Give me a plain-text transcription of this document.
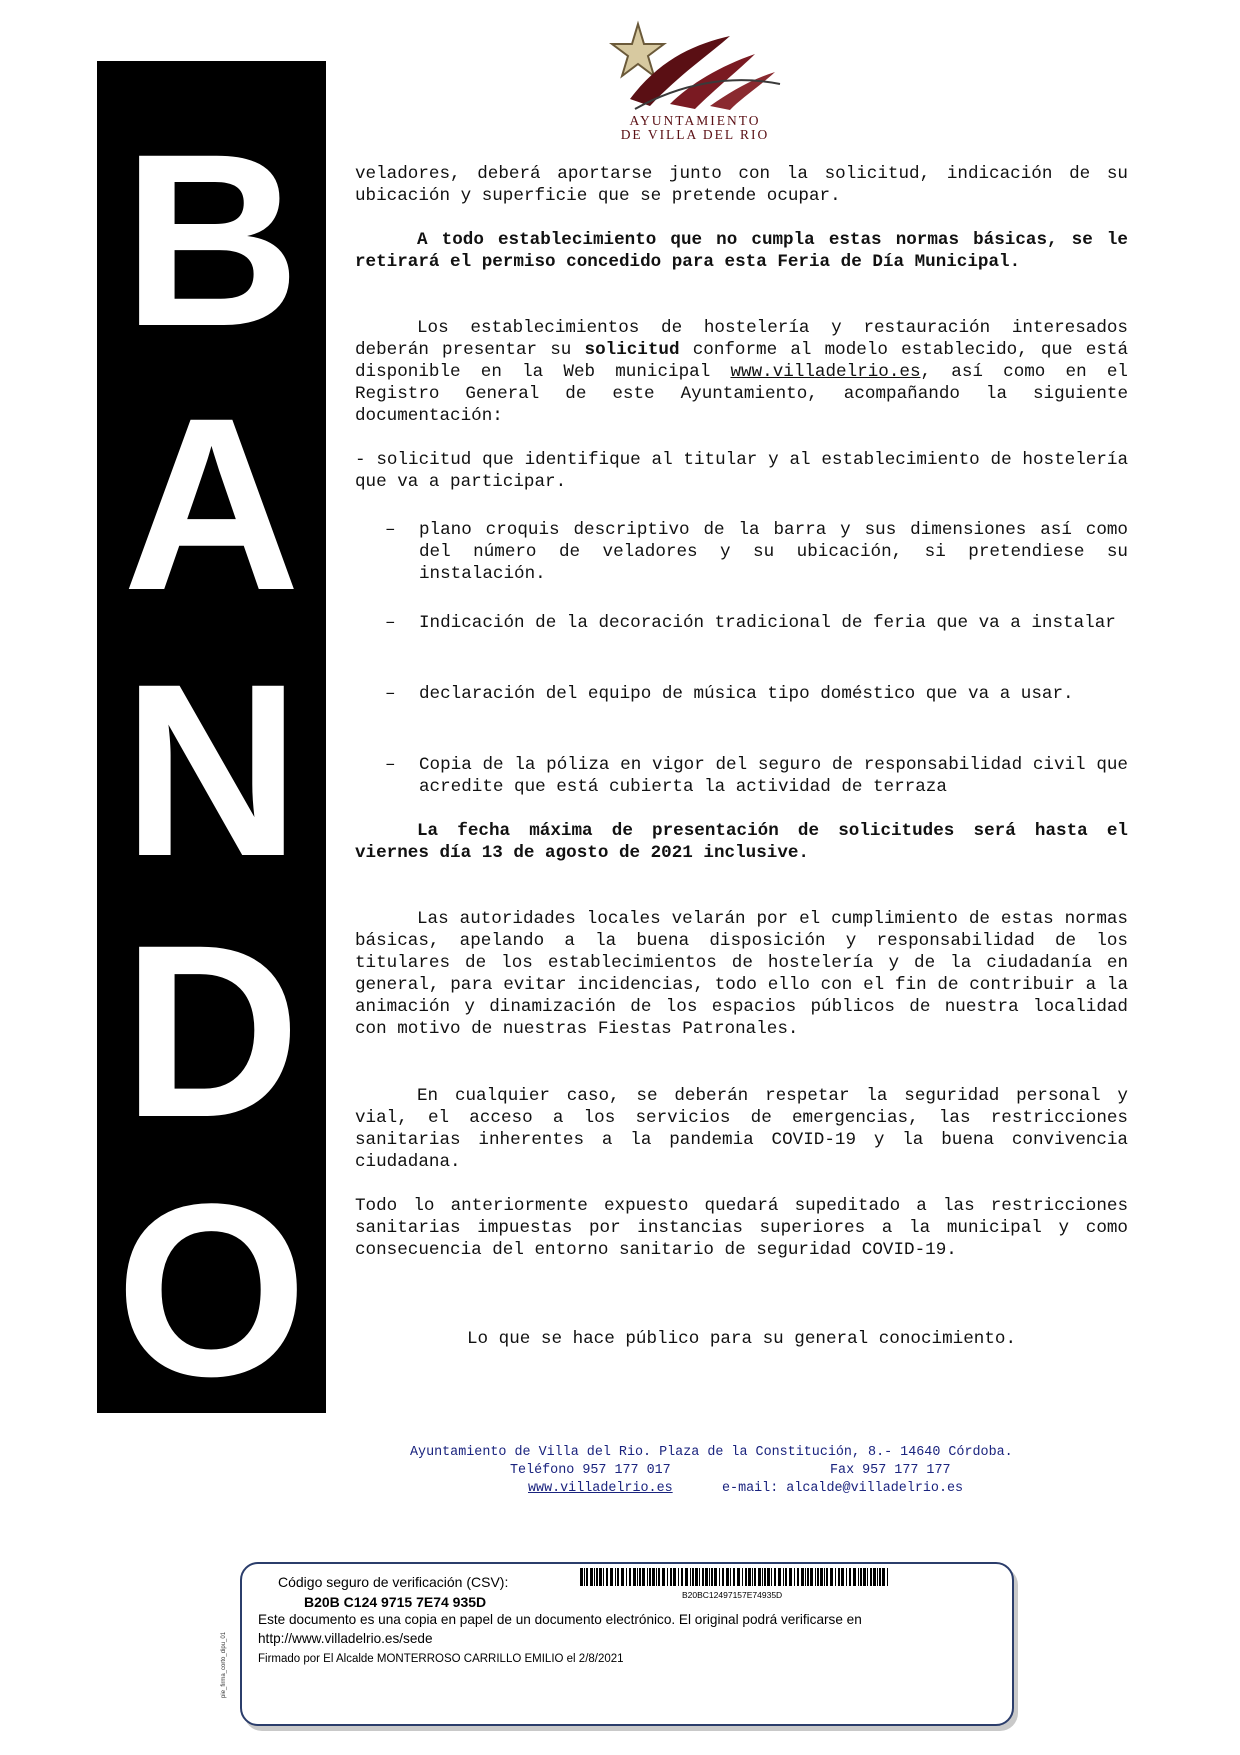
B
A
N
D
O
AYUNTAMIENTO
DE VILLA DEL RIO

veladores, deberá aportarse junto con la solicitud, indicación de su ubicación y superficie que se pretende ocupar.

A todo establecimiento que no cumpla estas normas básicas, se le retirará el permiso concedido para esta Feria de Día Municipal.

Los establecimientos de hostelería y restauración interesados deberán presentar su solicitud conforme al modelo establecido, que está disponible en la Web municipal www.villadelrio.es, así como en el Registro General de este Ayuntamiento, acompañando la siguiente documentación:

- solicitud que identifique al titular y al establecimiento de hostelería que va a participar.

– plano croquis descriptivo de la barra y sus dimensiones así como del número de veladores y su ubicación, si pretendiese su instalación.
– Indicación de la decoración tradicional de feria que va a instalar
– declaración del equipo de música tipo doméstico que va a usar.
– Copia de la póliza en vigor del seguro de responsabilidad civil que acredite que está cubierta la actividad de terraza

La fecha máxima de presentación de solicitudes será hasta el viernes día 13 de agosto de 2021 inclusive.

Las autoridades locales velarán por el cumplimiento de estas normas básicas, apelando a la buena disposición y responsabilidad de los titulares de los establecimientos de hostelería y de la ciudadanía en general, para evitar incidencias, todo ello con el fin de contribuir a la animación y dinamización de los espacios públicos de nuestra localidad con motivo de nuestras Fiestas Patronales.

En cualquier caso, se deberán respetar la seguridad personal y vial, el acceso a los servicios de emergencias, las restricciones sanitarias inherentes a la pandemia COVID-19 y la buena convivencia ciudadana.

Todo lo anteriormente expuesto quedará supeditado a las restricciones sanitarias impuestas por instancias superiores a la municipal y como consecuencia del entorno sanitario de seguridad COVID-19.

Lo que se hace público para su general conocimiento.
Ayuntamiento de Villa del Rio. Plaza de la Constitución, 8.- 14640 Córdoba.
Teléfono 957 177 017	Fax 957 177 177
www.villadelrio.es	e-mail: alcalde@villadelrio.es
pie_firma_corto_dipu_01
Código seguro de verificación (CSV):
B20B C124 9715 7E74 935D	B20BC12497157E74935D
Este documento es una copia en papel de un documento electrónico. El original podrá verificarse en
http://www.villadelrio.es/sede
Firmado por El Alcalde MONTERROSO CARRILLO EMILIO el 2/8/2021
